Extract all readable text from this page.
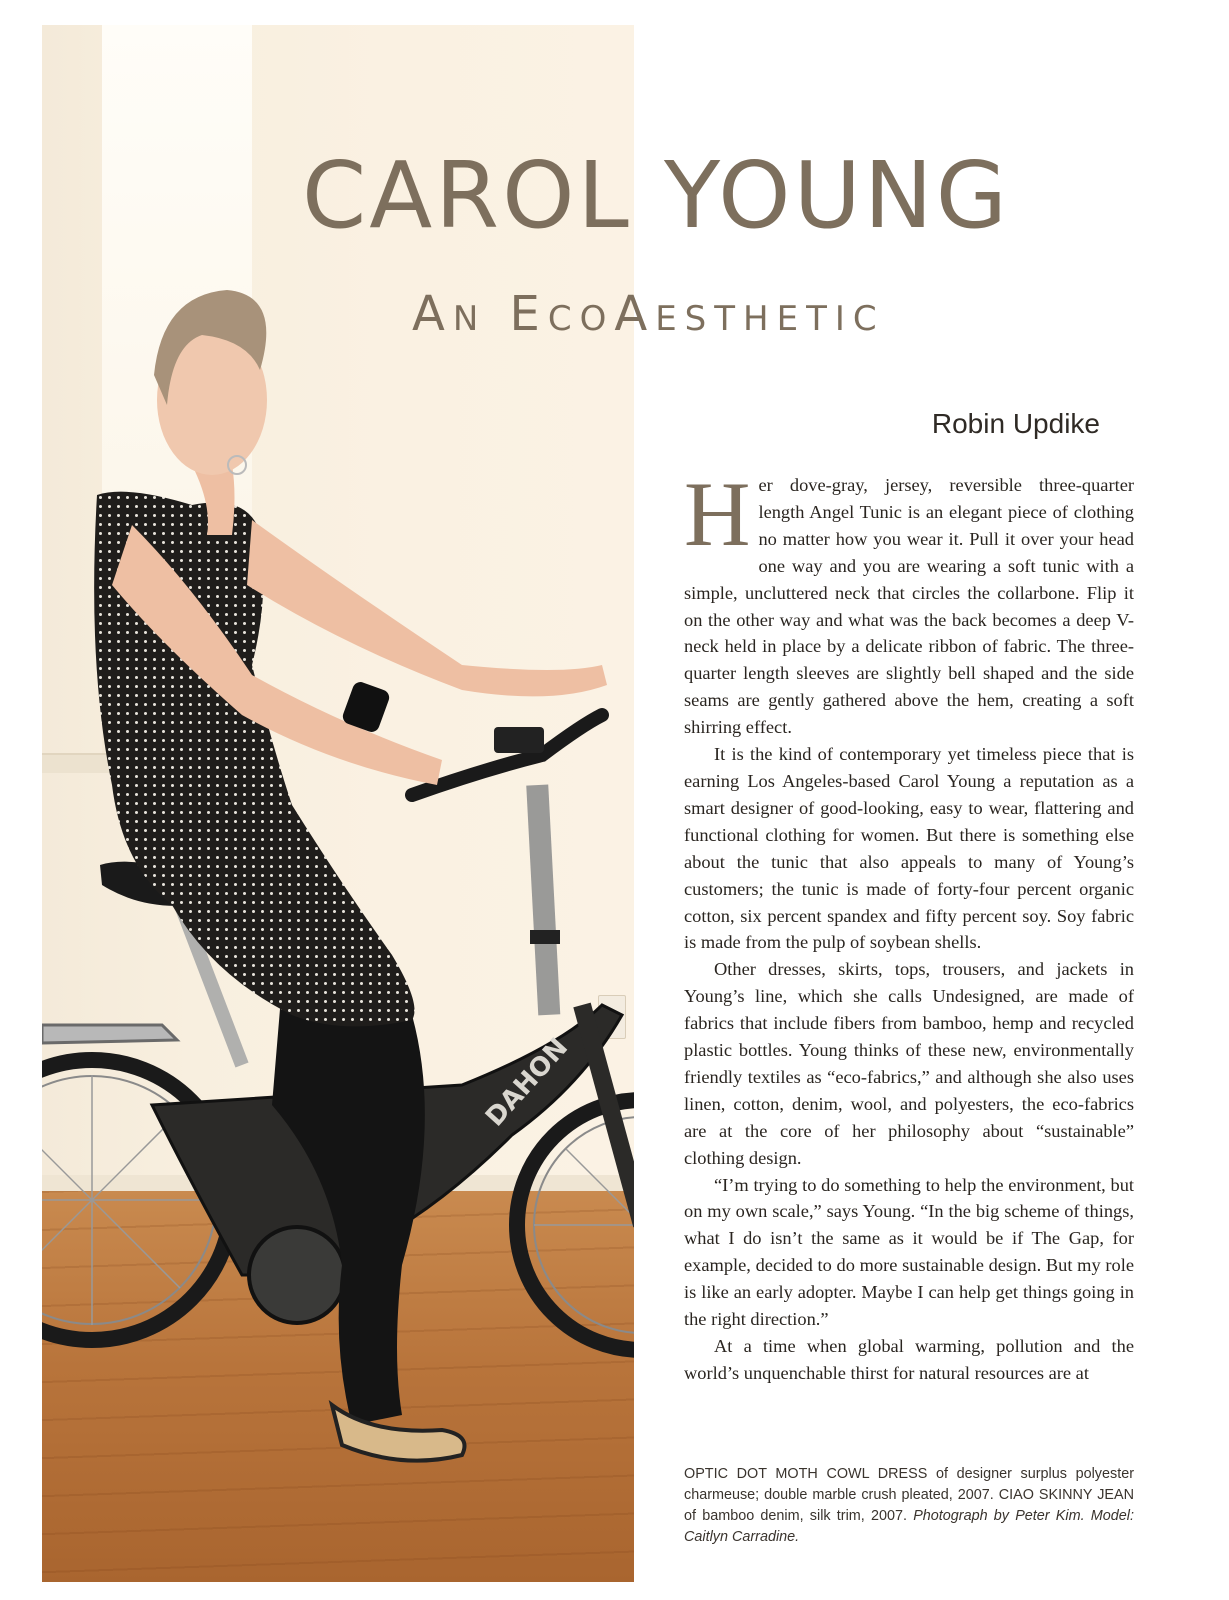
DAHON
CAROL YOUNG
An EcoAesthetic
Robin Updike

Her dove-gray, jersey, reversible three-quarter length Angel Tunic is an elegant piece of clothing no matter how you wear it. Pull it over your head one way and you are wearing a soft tunic with a simple, uncluttered neck that circles the collarbone. Flip it on the other way and what was the back becomes a deep V-neck held in place by a delicate ribbon of fabric. The three-quarter length sleeves are slightly bell shaped and the side seams are gently gathered above the hem, creating a soft shirring effect.

It is the kind of contemporary yet timeless piece that is earning Los Angeles-based Carol Young a reputation as a smart designer of good-looking, easy to wear, flattering and functional clothing for women. But there is something else about the tunic that also appeals to many of Young’s customers; the tunic is made of forty-four percent organic cotton, six percent spandex and fifty percent soy. Soy fabric is made from the pulp of soybean shells.

Other dresses, skirts, tops, trousers, and jackets in Young’s line, which she calls Undesigned, are made of fabrics that include fibers from bamboo, hemp and recycled plastic bottles. Young thinks of these new, environmentally friendly textiles as “eco-fabrics,” and although she also uses linen, cotton, denim, wool, and polyesters, the eco-fabrics are at the core of her philosophy about “sustainable” clothing design.

“I’m trying to do something to help the environment, but on my own scale,” says Young. “In the big scheme of things, what I do isn’t the same as it would be if The Gap, for example, decided to do more sustainable design. But my role is like an early adopter. Maybe I can help get things going in the right direction.”

At a time when global warming, pollution and the world’s unquenchable thirst for natural resources are at

OPTIC DOT MOTH COWL DRESS of designer surplus polyester charmeuse; double marble crush pleated, 2007. CIAO SKINNY JEAN of bamboo denim, silk trim, 2007. Photograph by Peter Kim. Model: Caitlyn Carradine.
